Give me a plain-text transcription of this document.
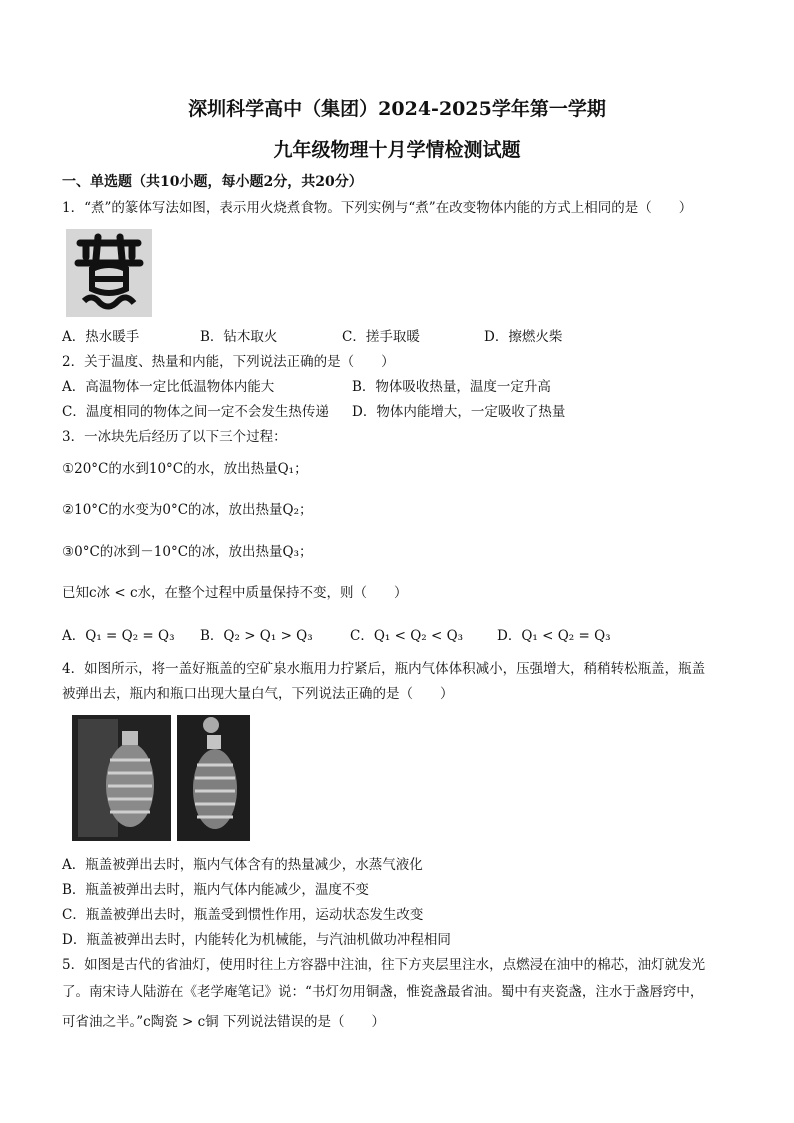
深圳科学高中（集团）2024-2025学年第一学期
九年级物理十月学情检测试题
一、单选题（共10小题，每小题2分，共20分）
1．“煮”的篆体写法如图，表示用火烧煮食物。下列实例与“煮”在改变物体内能的方式上相同的是（　　）
A．热水暖手	B．钻木取火	C．搓手取暖	D．擦燃火柴
2．关于温度、热量和内能，下列说法正确的是（　　）
A．高温物体一定比低温物体内能大	B．物体吸收热量，温度一定升高
C．温度相同的物体之间一定不会发生热传递 D．物体内能增大，一定吸收了热量
3．一冰块先后经历了以下三个过程：
①20°C的水到10°C的水，放出热量Q₁；
②10°C的水变为0°C的冰，放出热量Q₂；
③0°C的冰到－10°C的冰，放出热量Q₃；
已知c冰 < c水，在整个过程中质量保持不变，则（　　）
A．Q₁ = Q₂ = Q₃ B．Q₂ > Q₁ > Q₃	C．Q₁ < Q₂ < Q₃	D．Q₁ < Q₂ = Q₃
4．如图所示，将一盖好瓶盖的空矿泉水瓶用力拧紧后，瓶内气体体积减小，压强增大，稍稍转松瓶盖，瓶盖
被弹出去，瓶内和瓶口出现大量白气，下列说法正确的是（　　）
A．瓶盖被弹出去时，瓶内气体含有的热量减少，水蒸气液化
B．瓶盖被弹出去时，瓶内气体内能减少，温度不变
C．瓶盖被弹出去时，瓶盖受到惯性作用，运动状态发生改变
D．瓶盖被弹出去时，内能转化为机械能，与汽油机做功冲程相同
5．如图是古代的省油灯，使用时往上方容器中注油，往下方夹层里注水，点燃浸在油中的棉芯，油灯就发光
了。南宋诗人陆游在《老学庵笔记》说：“书灯勿用铜盏，惟瓷盏最省油。蜀中有夹瓷盏，注水于盏唇窍中，
可省油之半。”c陶瓷 > c铜 下列说法错误的是（　　）
